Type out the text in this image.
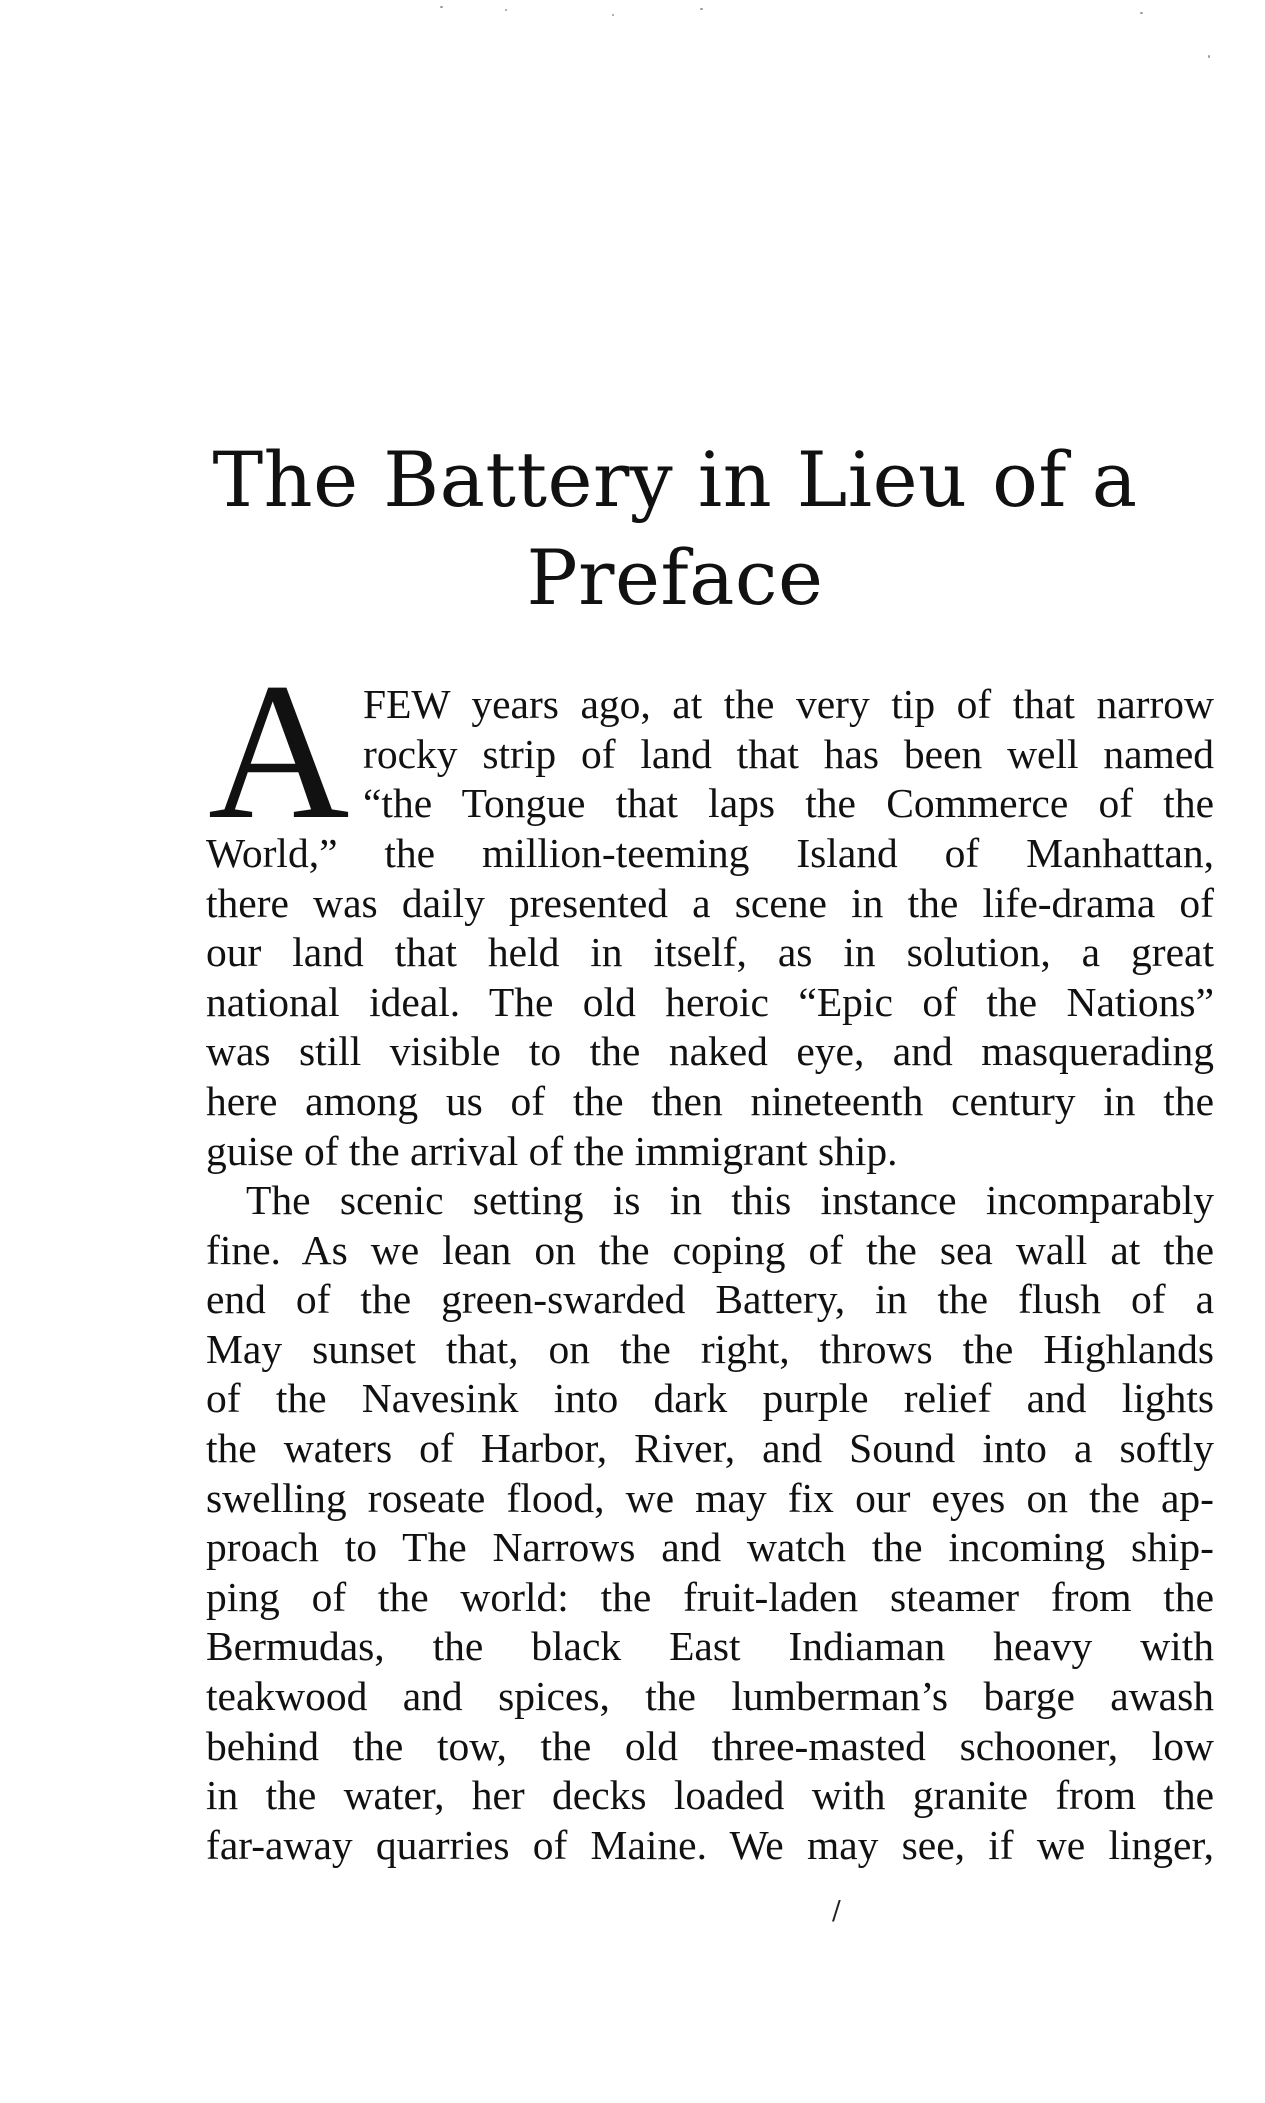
The Battery in Lieu of a
Preface
A FEW years ago, at the very tip of that narrow
rocky strip of land that has been well named
“the Tongue that laps the Commerce of the
World,” the million-teeming Island of Manhattan,
there was daily presented a scene in the life-drama of
our land that held in itself, as in solution, a great
national ideal. The old heroic “Epic of the Nations”
was still visible to the naked eye, and masquerading
here among us of the then nineteenth century in the
guise of the arrival of the immigrant ship.
The scenic setting is in this instance incomparably
fine. As we lean on the coping of the sea wall at the
end of the green-swarded Battery, in the flush of a
May sunset that, on the right, throws the Highlands
of the Navesink into dark purple relief and lights
the waters of Harbor, River, and Sound into a softly
swelling roseate flood, we may fix our eyes on the ap-
proach to The Narrows and watch the incoming ship-
ping of the world: the fruit-laden steamer from the
Bermudas, the black East Indiaman heavy with
teakwood and spices, the lumberman’s barge awash
behind the tow, the old three-masted schooner, low
in the water, her decks loaded with granite from the
far-away quarries of Maine. We may see, if we linger,
/
